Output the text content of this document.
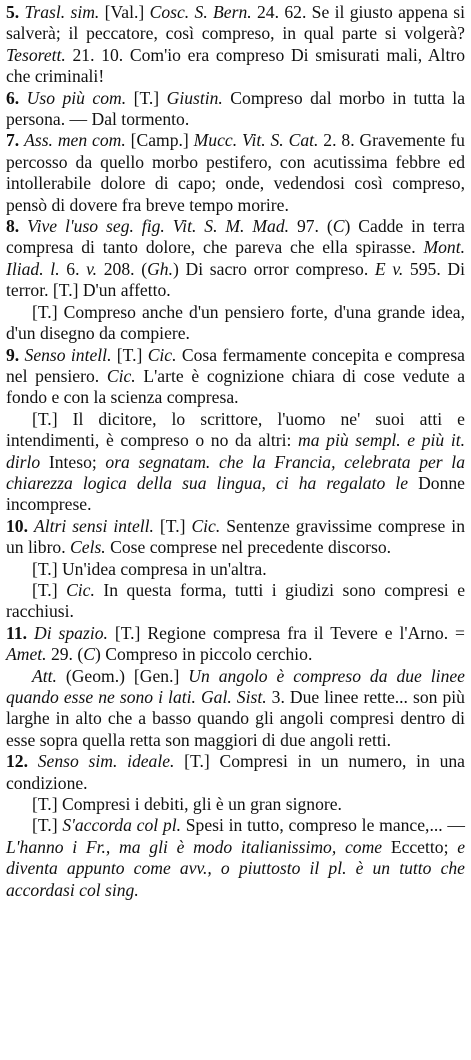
5. Trasl. sim. [Val.] Cosc. S. Bern. 24. 62. Se il giusto appena si salverà; il peccatore, così compreso, in qual parte si volgerà? Tesorett. 21. 10. Com'io era compreso Di smisurati mali, Altro che criminali!

6. Uso più com. [T.] Giustin. Compreso dal morbo in tutta la persona. — Dal tormento.

7. Ass. men com. [Camp.] Mucc. Vit. S. Cat. 2. 8. Gravemente fu percosso da quello morbo pestifero, con acutissima febbre ed intollerabile dolore di capo; onde, vedendosi così compreso, pensò di dovere fra breve tempo morire.

8. Vive l'uso seg. fig. Vit. S. M. Mad. 97. (C) Cadde in terra compresa di tanto dolore, che pareva che ella spirasse. Mont. Iliad. l. 6. v. 208. (Gh.) Di sacro orror compreso. E v. 595. Di terror. [T.] D'un affetto.

[T.] Compreso anche d'un pensiero forte, d'una grande idea, d'un disegno da compiere.

9. Senso intell. [T.] Cic. Cosa fermamente concepita e compresa nel pensiero. Cic. L'arte è cognizione chiara di cose vedute a fondo e con la scienza compresa.

[T.] Il dicitore, lo scrittore, l'uomo ne' suoi atti e intendimenti, è compreso o no da altri: ma più sempl. e più it. dirlo Inteso; ora segnatam. che la Francia, celebrata per la chiarezza logica della sua lingua, ci ha regalato le Donne incomprese.

10. Altri sensi intell. [T.] Cic. Sentenze gravissime comprese in un libro. Cels. Cose comprese nel precedente discorso.

[T.] Un'idea compresa in un'altra.

[T.] Cic. In questa forma, tutti i giudizi sono compresi e racchiusi.

11. Di spazio. [T.] Regione compresa fra il Tevere e l'Arno. = Amet. 29. (C) Compreso in piccolo cerchio.

Att. (Geom.) [Gen.] Un angolo è compreso da due linee quando esse ne sono i lati. Gal. Sist. 3. Due linee rette... son più larghe in alto che a basso quando gli angoli compresi dentro di esse sopra quella retta son maggiori di due angoli retti.

12. Senso sim. ideale. [T.] Compresi in un numero, in una condizione.

[T.] Compresi i debiti, gli è un gran signore.

[T.] S'accorda col pl. Spesi in tutto, compreso le mance,... — L'hanno i Fr., ma gli è modo italianissimo, come Eccetto; e diventa appunto come avv., o piuttosto il pl. è un tutto che accordasi col sing.
